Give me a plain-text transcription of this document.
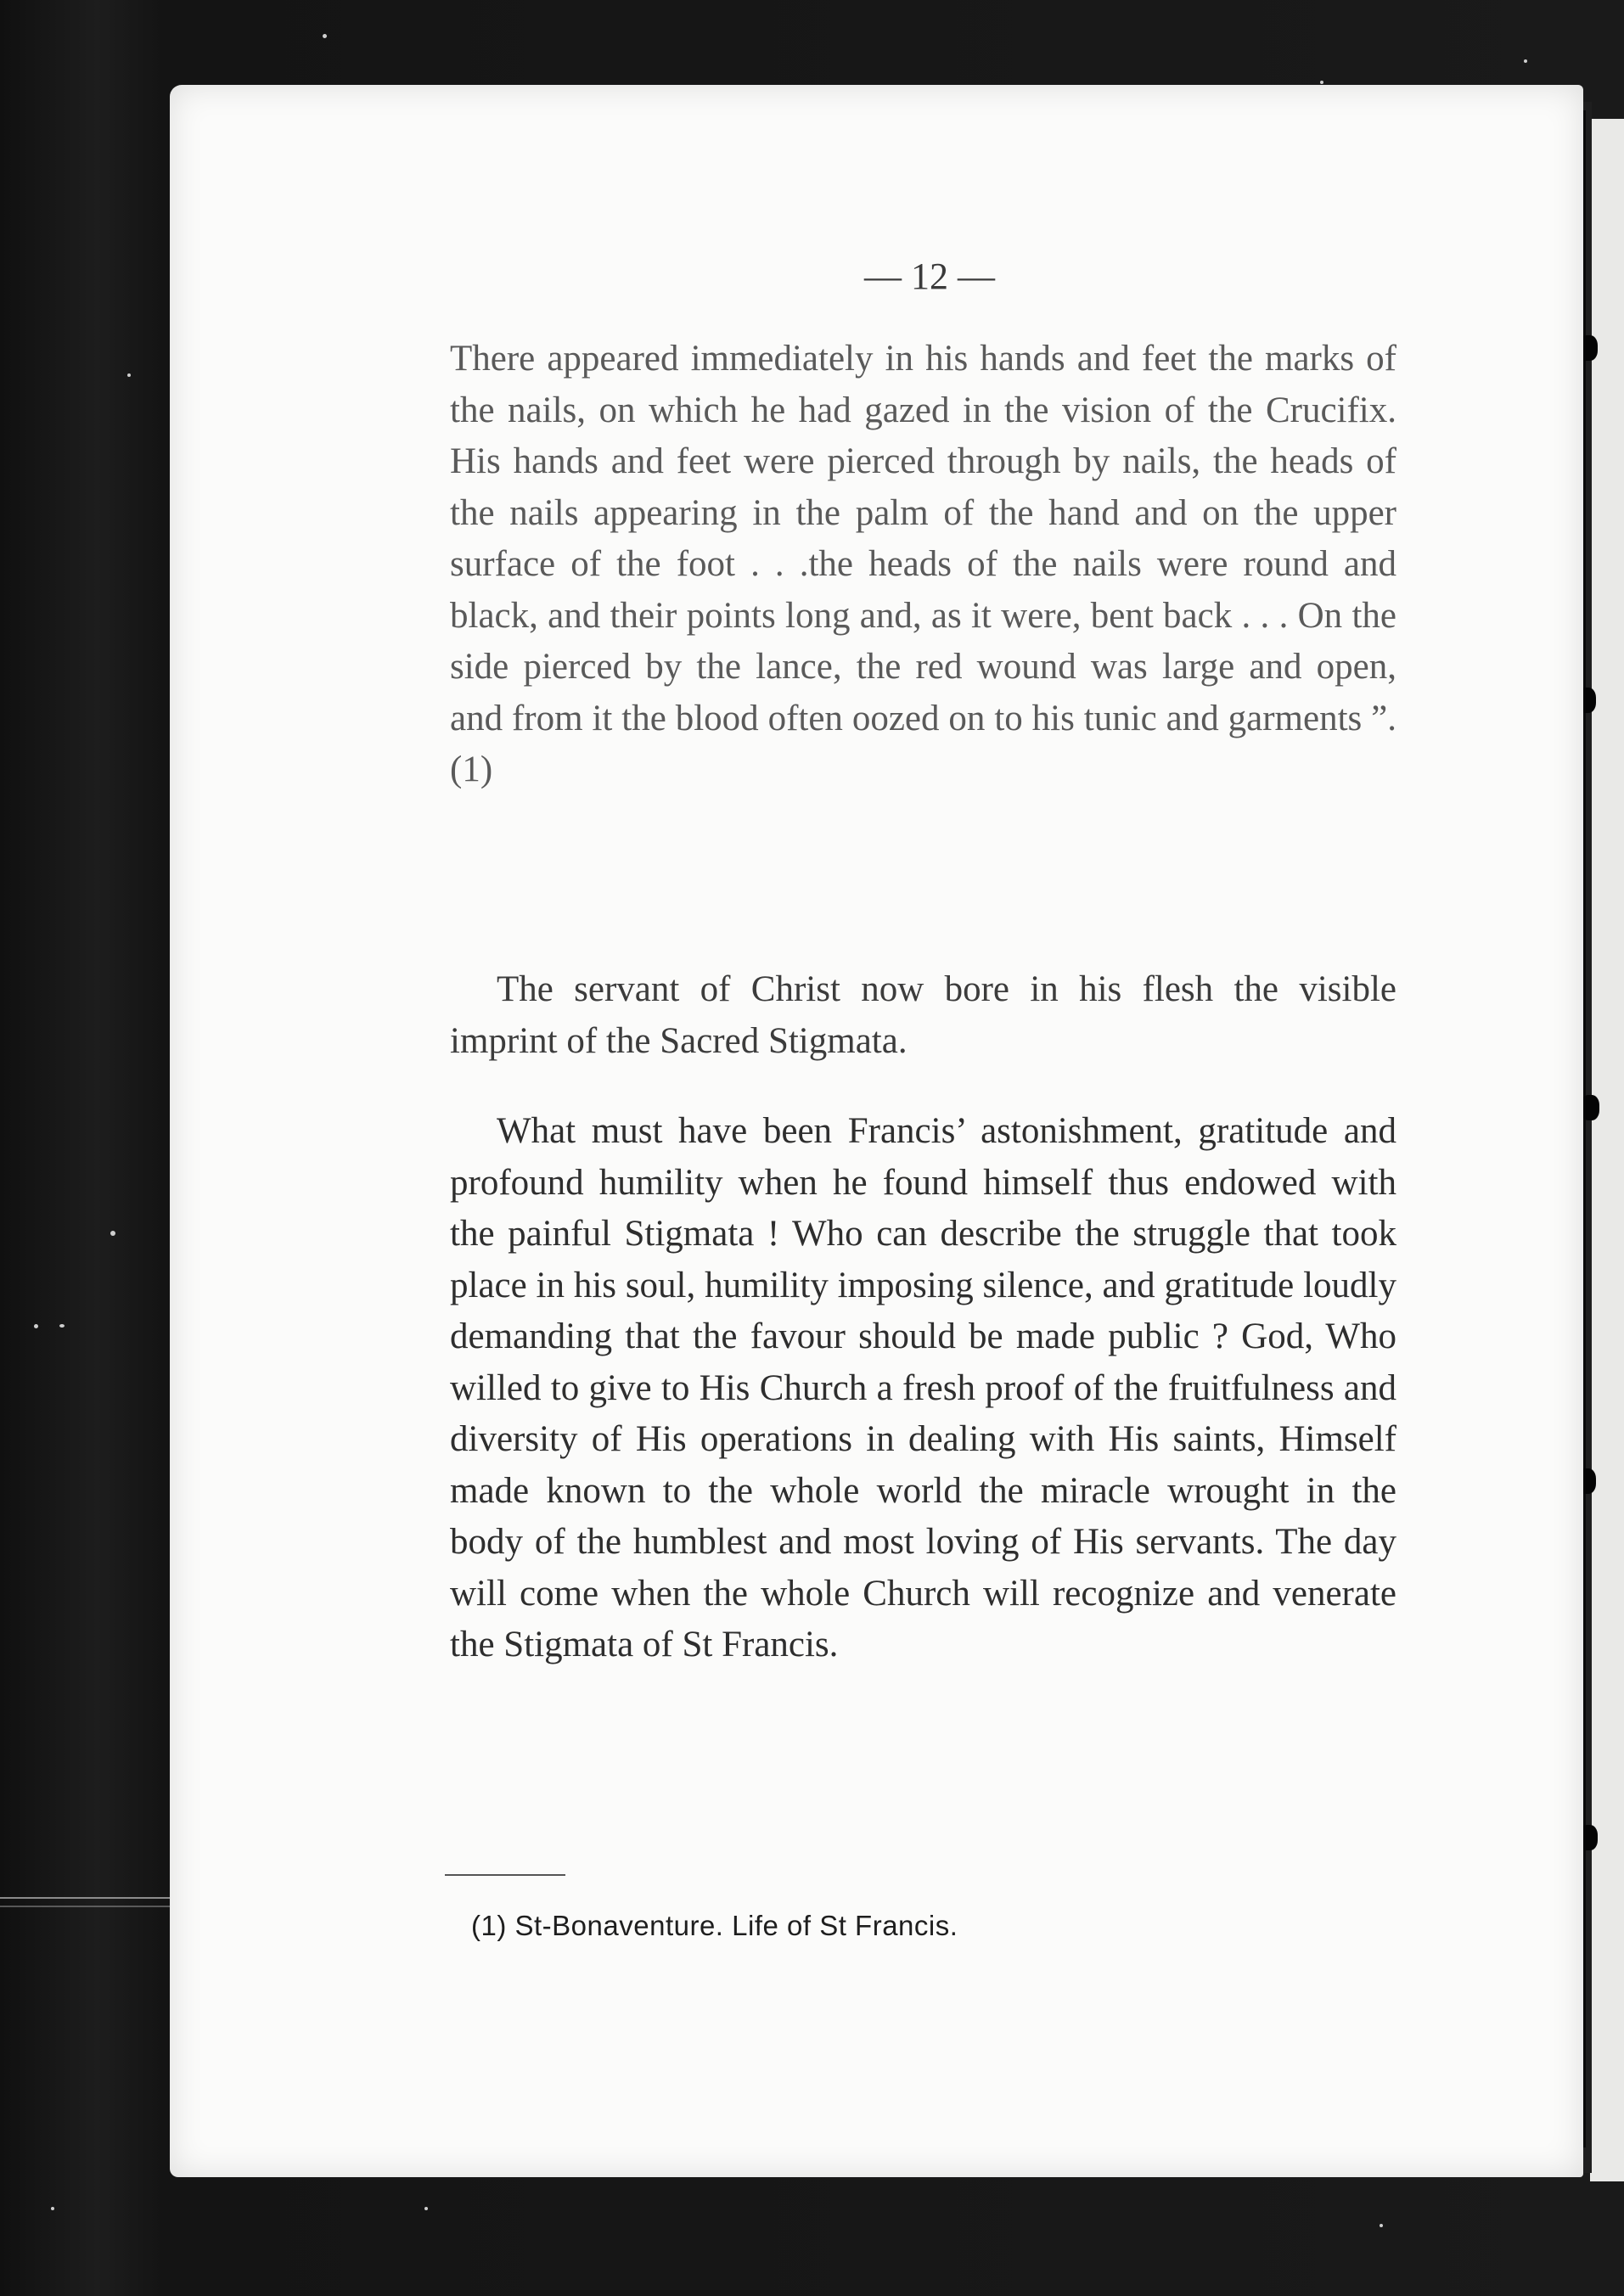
— 12 —

There appeared immediately in his hands and feet the marks of the nails, on which he had gazed in the vision of the Crucifix. His hands and feet were pierced through by nails, the heads of the nails appearing in the palm of the hand and on the upper surface of the foot . . .the heads of the nails were round and black, and their points long and, as it were, bent back . . . On the side pierced by the lance, the red wound was large and open, and from it the blood often oozed on to his tunic and garments ”. (1)

The servant of Christ now bore in his flesh the visible imprint of the Sacred Stigmata.

What must have been Francis’ astonishment, gratitude and profound humility when he found himself thus endowed with the painful Stigmata ! Who can describe the struggle that took place in his soul, humility imposing silence, and gratitude loudly demanding that the favour should be made public ? God, Who willed to give to His Church a fresh proof of the fruitfulness and diversity of His operations in dealing with His saints, Himself made known to the whole world the miracle wrought in the body of the humblest and most loving of His servants. The day will come when the whole Church will recognize and venerate the Stigmata of St Francis.

(1) St-Bonaventure. Life of St Francis.
